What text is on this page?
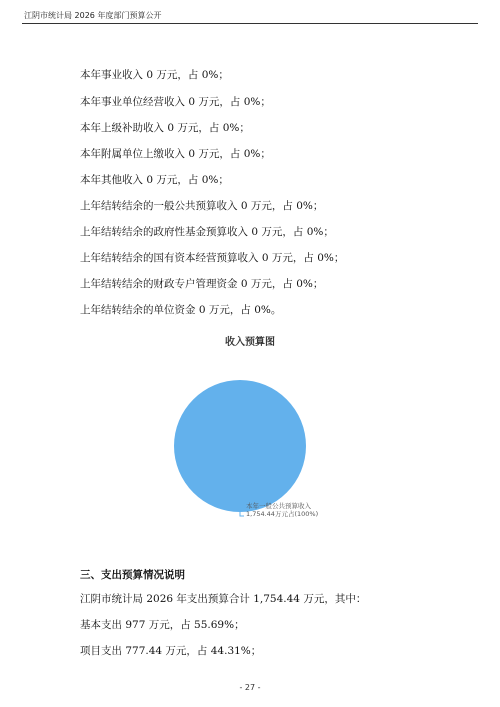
江阴市统计局 2026 年度部门预算公开
本年事业收入 0 万元，占 0%；
本年事业单位经营收入 0 万元，占 0%；
本年上级补助收入 0 万元，占 0%；
本年附属单位上缴收入 0 万元，占 0%；
本年其他收入 0 万元，占 0%；
上年结转结余的一般公共预算收入 0 万元，占 0%；
上年结转结余的政府性基金预算收入 0 万元，占 0%；
上年结转结余的国有资本经营预算收入 0 万元，占 0%；
上年结转结余的财政专户管理资金 0 万元，占 0%；
上年结转结余的单位资金 0 万元，占 0%。
收入预算图
本年一般公共预算收入
1,754.44万元占(100%)
三、支出预算情况说明
江阴市统计局 2026 年支出预算合计 1,754.44 万元，其中：
基本支出 977 万元，占 55.69%；
项目支出 777.44 万元，占 44.31%；
- 27 -
